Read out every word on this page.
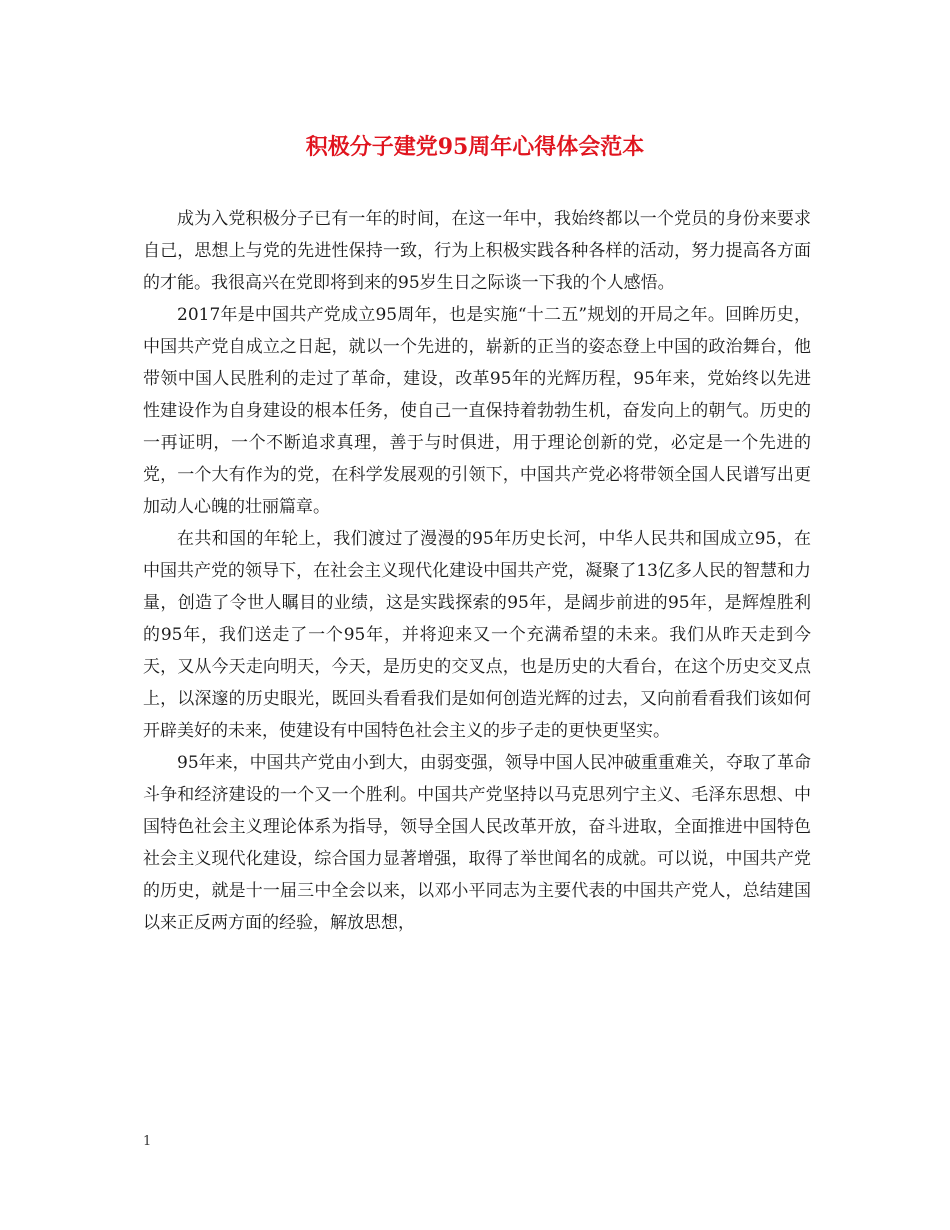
积极分子建党95周年心得体会范本

成为入党积极分子已有一年的时间，在这一年中，我始终都以一个党员的身份来要求自己，思想上与党的先进性保持一致，行为上积极实践各种各样的活动，努力提高各方面的才能。我很高兴在党即将到来的95岁生日之际谈一下我的个人感悟。

2017年是中国共产党成立95周年，也是实施“十二五”规划的开局之年。回眸历史，中国共产党自成立之日起，就以一个先进的，崭新的正当的姿态登上中国的政治舞台，他带领中国人民胜利的走过了革命，建设，改革95年的光辉历程，95年来，党始终以先进性建设作为自身建设的根本任务，使自己一直保持着勃勃生机，奋发向上的朝气。历史的一再证明，一个不断追求真理，善于与时俱进，用于理论创新的党，必定是一个先进的党，一个大有作为的党，在科学发展观的引领下，中国共产党必将带领全国人民谱写出更加动人心魄的壮丽篇章。

在共和国的年轮上，我们渡过了漫漫的95年历史长河，中华人民共和国成立95，在中国共产党的领导下，在社会主义现代化建设中国共产党，凝聚了13亿多人民的智慧和力量，创造了令世人瞩目的业绩，这是实践探索的95年，是阔步前进的95年，是辉煌胜利的95年，我们送走了一个95年，并将迎来又一个充满希望的未来。我们从昨天走到今天，又从今天走向明天，今天，是历史的交叉点，也是历史的大看台，在这个历史交叉点上，以深邃的历史眼光，既回头看看我们是如何创造光辉的过去，又向前看看我们该如何开辟美好的未来，使建设有中国特色社会主义的步子走的更快更坚实。

95年来，中国共产党由小到大，由弱变强，领导中国人民冲破重重难关，夺取了革命斗争和经济建设的一个又一个胜利。中国共产党坚持以马克思列宁主义、毛泽东思想、中国特色社会主义理论体系为指导，领导全国人民改革开放，奋斗进取，全面推进中国特色社会主义现代化建设，综合国力显著增强，取得了举世闻名的成就。可以说，中国共产党的历史，就是十一届三中全会以来，以邓小平同志为主要代表的中国共产党人，总结建国以来正反两方面的经验，解放思想，

1
